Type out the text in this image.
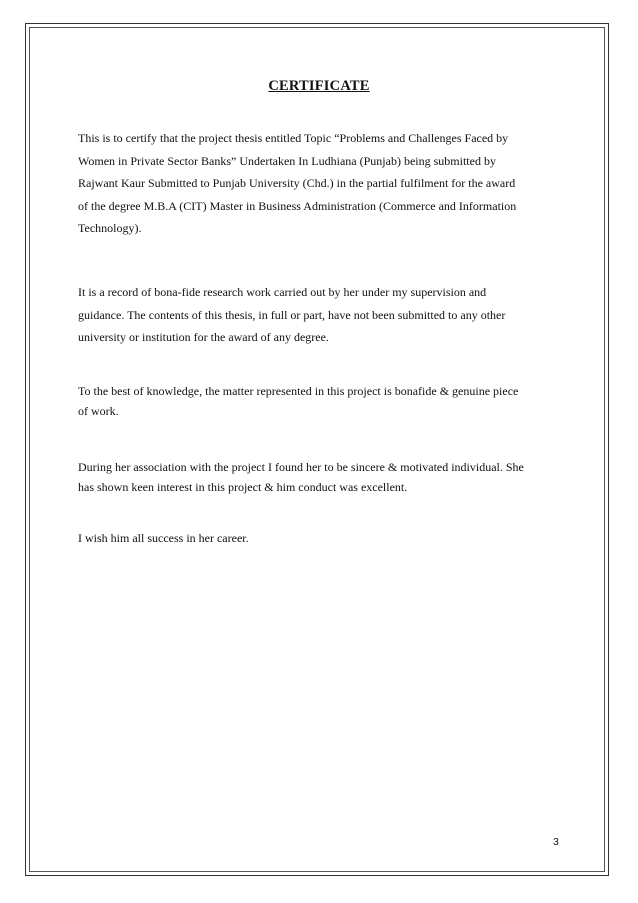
CERTIFICATE

This is to certify that the project thesis entitled Topic “Problems and Challenges Faced by
Women in Private Sector Banks” Undertaken In Ludhiana (Punjab) being submitted by
Rajwant Kaur Submitted to Punjab University (Chd.) in the partial fulfilment for the award
of the degree M.B.A (CIT) Master in Business Administration (Commerce and Information
Technology).

It is a record of bona-fide research work carried out by her under my supervision and
guidance. The contents of this thesis, in full or part, have not been submitted to any other
university or institution for the award of any degree.

To the best of knowledge, the matter represented in this project is bonafide & genuine piece
of work.

During her association with the project I found her to be sincere & motivated individual. She
has shown keen interest in this project & him conduct was excellent.

I wish him all success in her career.

3
